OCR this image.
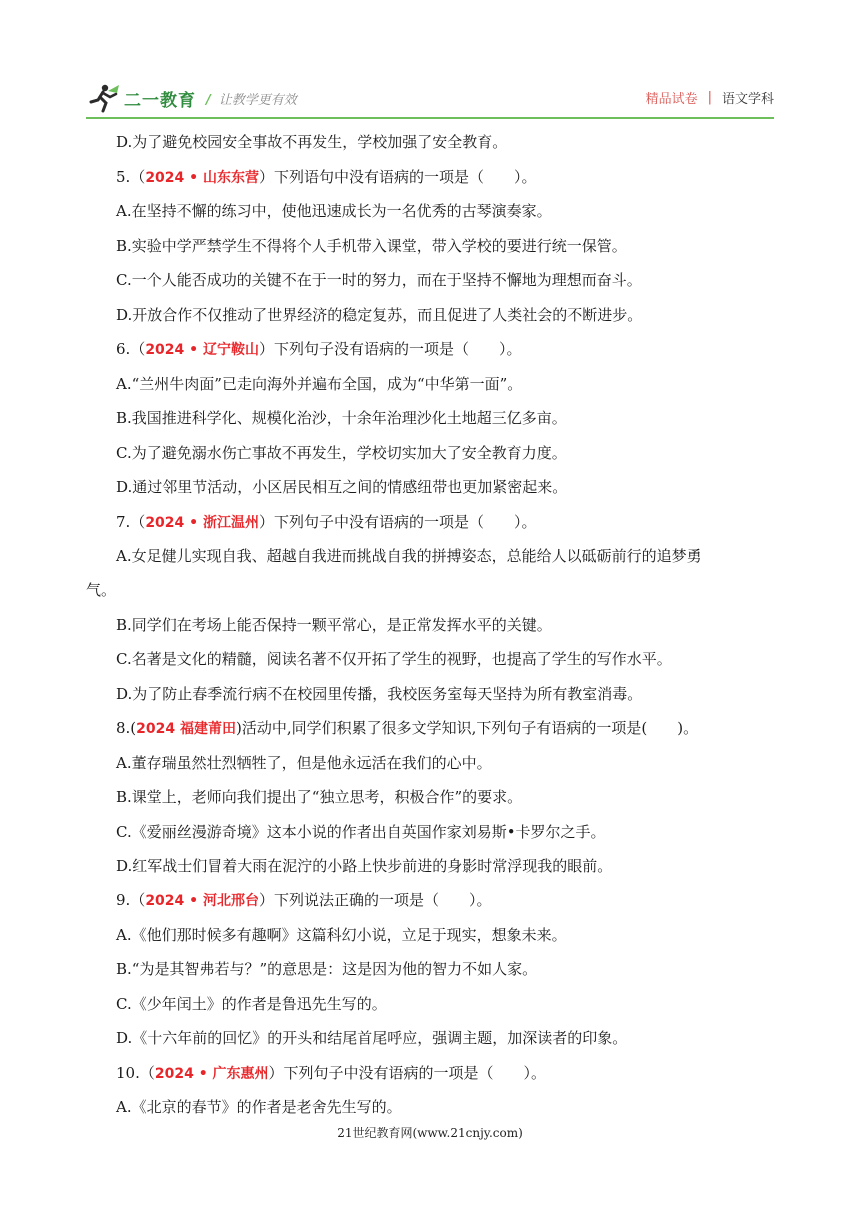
二一教育 / 让教学更有效	精品试卷 | 语文学科
D.为了避免校园安全事故不再发生，学校加强了安全教育。
5.（2024 • 山东东营）下列语句中没有语病的一项是（　　）。
A.在坚持不懈的练习中，使他迅速成长为一名优秀的古琴演奏家。
B.实验中学严禁学生不得将个人手机带入课堂，带入学校的要进行统一保管。
C.一个人能否成功的关键不在于一时的努力，而在于坚持不懈地为理想而奋斗。
D.开放合作不仅推动了世界经济的稳定复苏，而且促进了人类社会的不断进步。
6.（2024 • 辽宁鞍山）下列句子没有语病的一项是（　　）。
A.“兰州牛肉面”已走向海外并遍布全国，成为“中华第一面”。
B.我国推进科学化、规模化治沙，十余年治理沙化土地超三亿多亩。
C.为了避免溺水伤亡事故不再发生，学校切实加大了安全教育力度。
D.通过邻里节活动，小区居民相互之间的情感纽带也更加紧密起来。
7.（2024 • 浙江温州）下列句子中没有语病的一项是（　　）。
A.女足健儿实现自我、超越自我进而挑战自我的拼搏姿态，总能给人以砥砺前行的追梦勇
气。
B.同学们在考场上能否保持一颗平常心，是正常发挥水平的关键。
C.名著是文化的精髓，阅读名著不仅开拓了学生的视野，也提高了学生的写作水平。
D.为了防止春季流行病不在校园里传播，我校医务室每天坚持为所有教室消毒。
8.(2024 福建莆田)活动中,同学们积累了很多文学知识,下列句子有语病的一项是(　　)。
A.董存瑞虽然壮烈牺牲了，但是他永远活在我们的心中。
B.课堂上，老师向我们提出了“独立思考，积极合作”的要求。
C.《爱丽丝漫游奇境》这本小说的作者出自英国作家刘易斯•卡罗尔之手。
D.红军战士们冒着大雨在泥泞的小路上快步前进的身影时常浮现我的眼前。
9.（2024 • 河北邢台）下列说法正确的一项是（　　）。
A.《他们那时候多有趣啊》这篇科幻小说，立足于现实，想象未来。
B.“为是其智弗若与？”的意思是：这是因为他的智力不如人家。
C.《少年闰土》的作者是鲁迅先生写的。
D.《十六年前的回忆》的开头和结尾首尾呼应，强调主题，加深读者的印象。
10.（2024 • 广东惠州）下列句子中没有语病的一项是（　　）。
A.《北京的春节》的作者是老舍先生写的。
21世纪教育网(www.21cnjy.com)
